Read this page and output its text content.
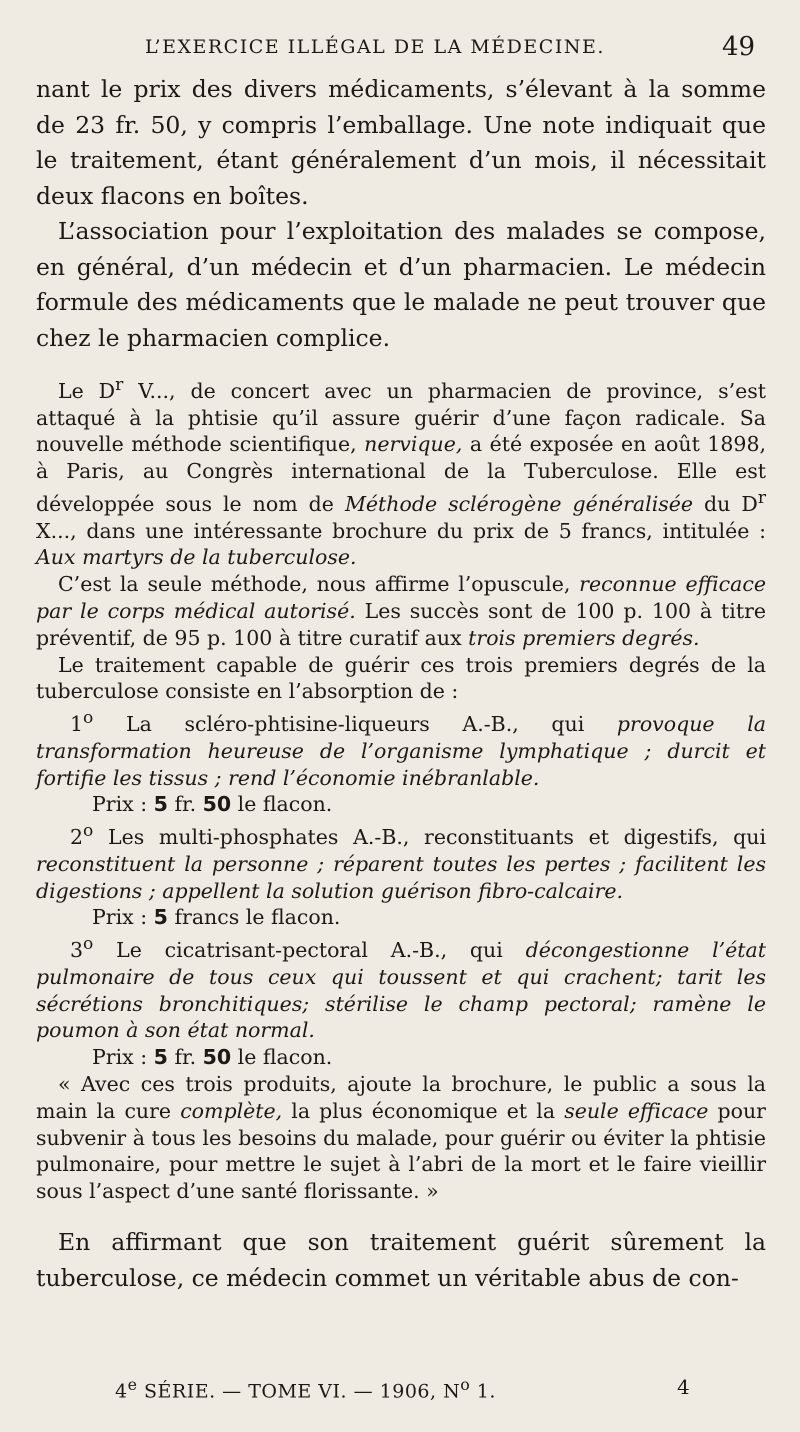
L’EXERCICE ILLÉGAL DE LA MÉDECINE.	49

nant le prix des divers médicaments, s’élevant à la somme de 23 fr. 50, y compris l’emballage. Une note indiquait que le traitement, étant généralement d’un mois, il nécessitait deux flacons en boîtes.

L’association pour l’exploitation des malades se compose, en général, d’un médecin et d’un pharmacien. Le médecin formule des médicaments que le malade ne peut trouver que chez le pharmacien complice.

Le $D^r$ V..., de concert avec un pharmacien de province, s’est attaqué à la phtisie qu’il assure guérir d’une façon radicale. Sa nouvelle méthode scientifique, nervique, a été exposée en août 1898, à Paris, au Congrès international de la Tuberculose. Elle est développée sous le nom de Méthode sclérogène généralisée du $D^r$ X..., dans une intéressante brochure du prix de 5 francs, intitulée : Aux martyrs de la tuberculose.

C’est la seule méthode, nous affirme l’opuscule, reconnue efficace par le corps médical autorisé. Les succès sont de 100 p. 100 à titre préventif, de 95 p. 100 à titre curatif aux trois premiers degrés.

Le traitement capable de guérir ces trois premiers degrés de la tuberculose consiste en l’absorption de :

1$^o$ La scléro-phtisine-liqueurs A.-B., qui provoque la transformation heureuse de l’organisme lymphatique ; durcit et fortifie les tissus ; rend l’économie inébranlable.

Prix : 5 fr. 50 le flacon.

2$^o$ Les multi-phosphates A.-B., reconstituants et digestifs, qui reconstituent la personne ; réparent toutes les pertes ; facilitent les digestions ; appellent la solution guérison fibro-calcaire.

Prix : 5 francs le flacon.

3$^o$ Le cicatrisant-pectoral A.-B., qui décongestionne l’état pulmonaire de tous ceux qui toussent et qui crachent; tarit les sécrétions bronchitiques; stérilise le champ pectoral; ramène le poumon à son état normal.

Prix : 5 fr. 50 le flacon.

« Avec ces trois produits, ajoute la brochure, le public a sous la main la cure complète, la plus économique et la seule efficace pour subvenir à tous les besoins du malade, pour guérir ou éviter la phtisie pulmonaire, pour mettre le sujet à l’abri de la mort et le faire vieillir sous l’aspect d’une santé florissante. »

En affirmant que son traitement guérit sûrement la tuberculose, ce médecin commet un véritable abus de con-

4e SÉRIE. — TOME VI. — 1906, $N^o$ 1.	4
